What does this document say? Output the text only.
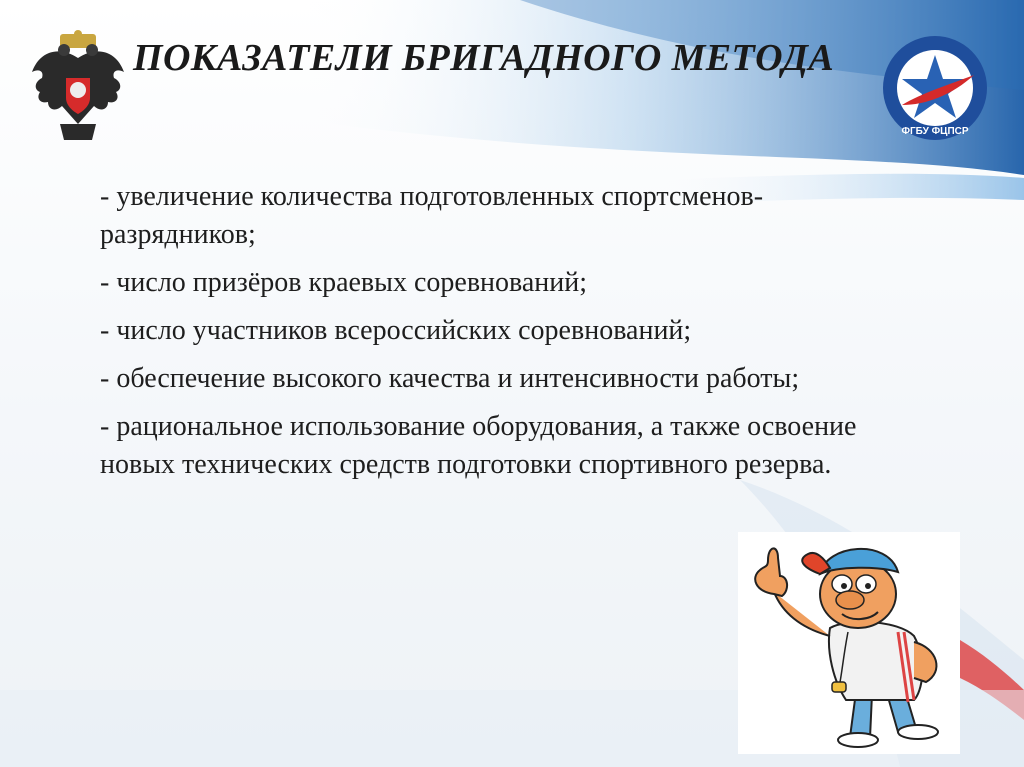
ПОКАЗАТЕЛИ БРИГАДНОГО МЕТОДА
ФГБУ ФЦПСР
- увеличение количества подготовленных спортсменов-разрядников;
- число призёров краевых соревнований;
- число участников всероссийских соревнований;
- обеспечение высокого качества и интенсивности работы;
- рациональное использование оборудования, а также освоение новых технических средств подготовки спортивного резерва.
